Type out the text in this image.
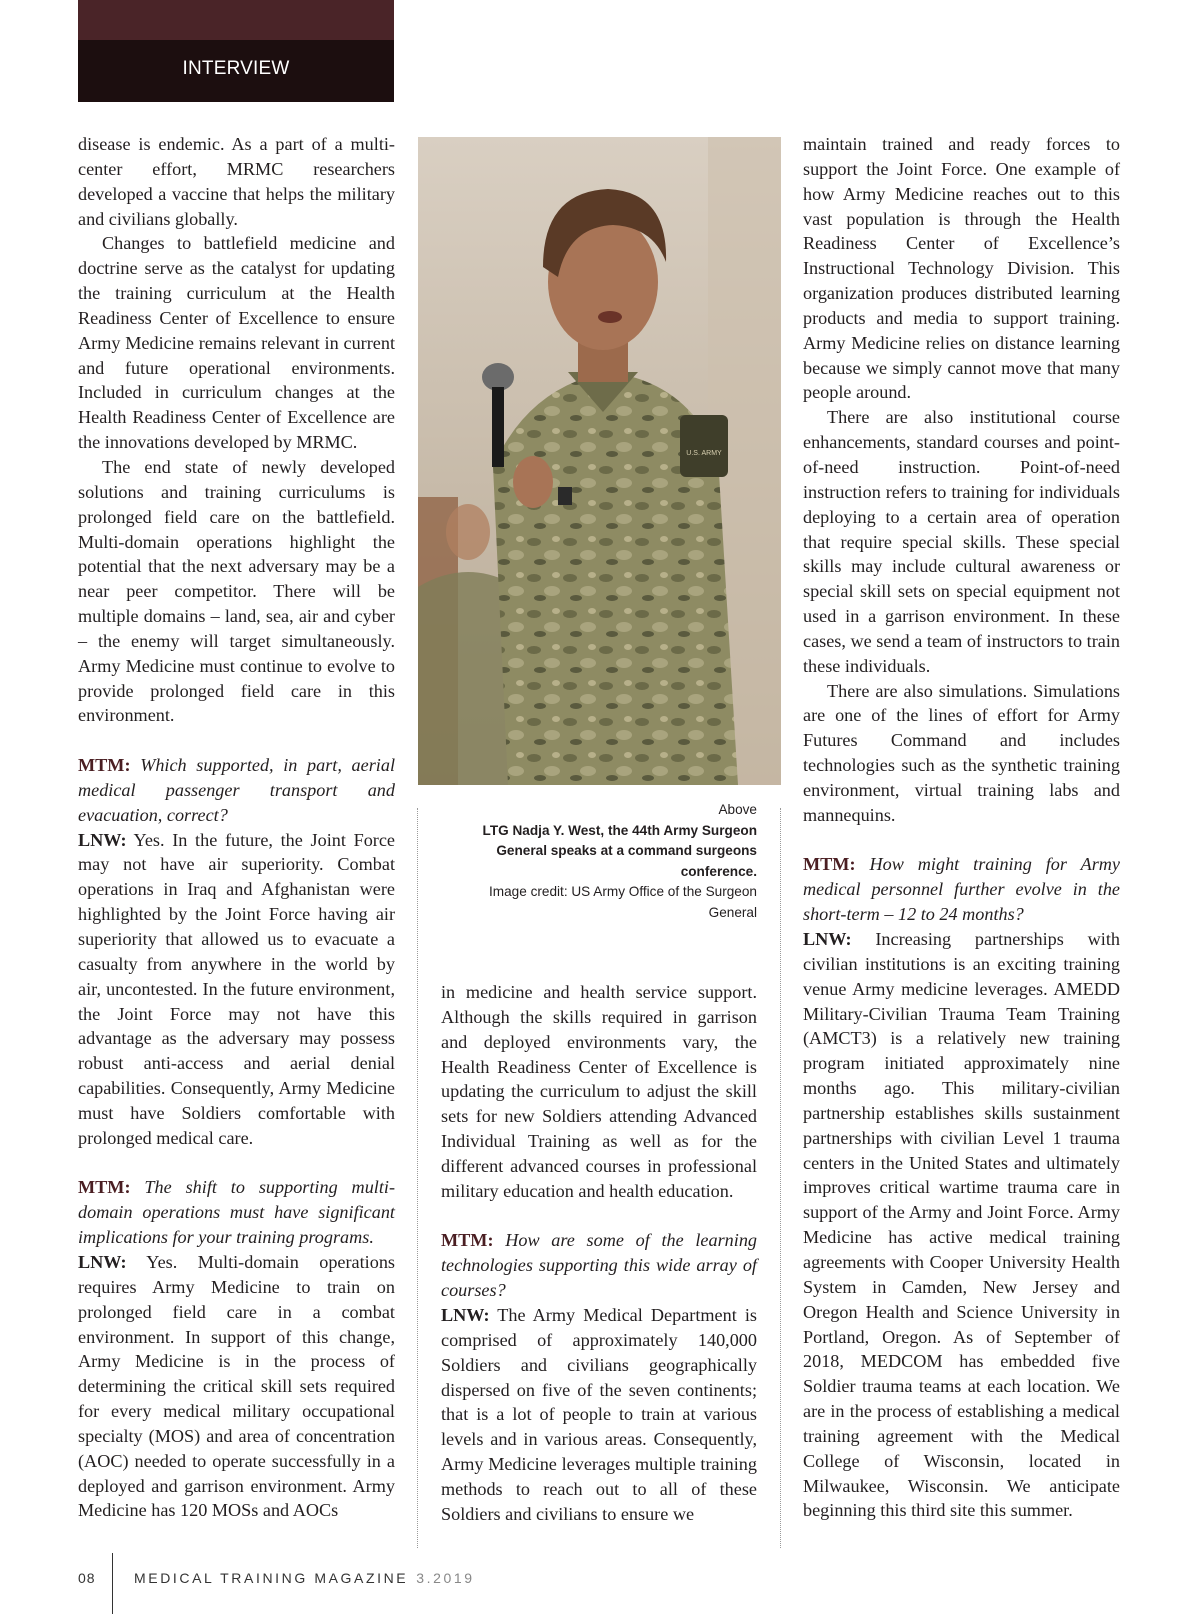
INTERVIEW

disease is endemic. As a part of a multi-center effort, MRMC researchers developed a vaccine that helps the military and civilians globally.

Changes to battlefield medicine and doctrine serve as the catalyst for updating the training curriculum at the Health Readiness Center of Excellence to ensure Army Medicine remains relevant in current and future operational environments. Included in curriculum changes at the Health Readiness Center of Excellence are the innovations developed by MRMC.

The end state of newly developed solutions and training curriculums is prolonged field care on the battlefield. Multi-domain operations highlight the potential that the next adversary may be a near peer competitor. There will be multiple domains – land, sea, air and cyber – the enemy will target simultaneously. Army Medicine must continue to evolve to provide prolonged field care in this environment.

MTM: Which supported, in part, aerial medical passenger transport and evacuation, correct?

LNW: Yes. In the future, the Joint Force may not have air superiority. Combat operations in Iraq and Afghanistan were highlighted by the Joint Force having air superiority that allowed us to evacuate a casualty from anywhere in the world by air, uncontested. In the future environment, the Joint Force may not have this advantage as the adversary may possess robust anti-access and aerial denial capabilities. Consequently, Army Medicine must have Soldiers comfortable with prolonged medical care.

MTM: The shift to supporting multi-domain operations must have significant implications for your training programs.

LNW: Yes. Multi-domain operations requires Army Medicine to train on prolonged field care in a combat environment. In support of this change, Army Medicine is in the process of determining the critical skill sets required for every medical military occupational specialty (MOS) and area of concentration (AOC) needed to operate successfully in a deployed and garrison environment. Army Medicine has 120 MOSs and AOCs

U.S. ARMY
Above
LTG Nadja Y. West, the 44th Army Surgeon General speaks at a command surgeons conference.
Image credit: US Army Office of the Surgeon General

in medicine and health service support. Although the skills required in garrison and deployed environments vary, the Health Readiness Center of Excellence is updating the curriculum to adjust the skill sets for new Soldiers attending Advanced Individual Training as well as for the different advanced courses in professional military education and health education.

MTM: How are some of the learning technologies supporting this wide array of courses?

LNW: The Army Medical Department is comprised of approximately 140,000 Soldiers and civilians geographically dispersed on five of the seven continents; that is a lot of people to train at various levels and in various areas. Consequently, Army Medicine leverages multiple training methods to reach out to all of these Soldiers and civilians to ensure we

maintain trained and ready forces to support the Joint Force. One example of how Army Medicine reaches out to this vast population is through the Health Readiness Center of Excellence’s Instructional Technology Division. This organization produces distributed learning products and media to support training. Army Medicine relies on distance learning because we simply cannot move that many people around.

There are also institutional course enhancements, standard courses and point-of-need instruction. Point-of-need instruction refers to training for individuals deploying to a certain area of operation that require special skills. These special skills may include cultural awareness or special skill sets on special equipment not used in a garrison environment. In these cases, we send a team of instructors to train these individuals.

There are also simulations. Simulations are one of the lines of effort for Army Futures Command and includes technologies such as the synthetic training environment, virtual training labs and mannequins.

MTM: How might training for Army medical personnel further evolve in the short-term – 12 to 24 months?

LNW: Increasing partnerships with civilian institutions is an exciting training venue Army medicine leverages. AMEDD Military-Civilian Trauma Team Training (AMCT3) is a relatively new training program initiated approximately nine months ago. This military-civilian partnership establishes skills sustainment partnerships with civilian Level 1 trauma centers in the United States and ultimately improves critical wartime trauma care in support of the Army and Joint Force. Army Medicine has active medical training agreements with Cooper University Health System in Camden, New Jersey and Oregon Health and Science University in Portland, Oregon. As of September of 2018, MEDCOM has embedded five Soldier trauma teams at each location. We are in the process of establishing a medical training agreement with the Medical College of Wisconsin, located in Milwaukee, Wisconsin. We anticipate beginning this third site this summer.

08	MEDICAL TRAINING MAGAZINE 3.2019
